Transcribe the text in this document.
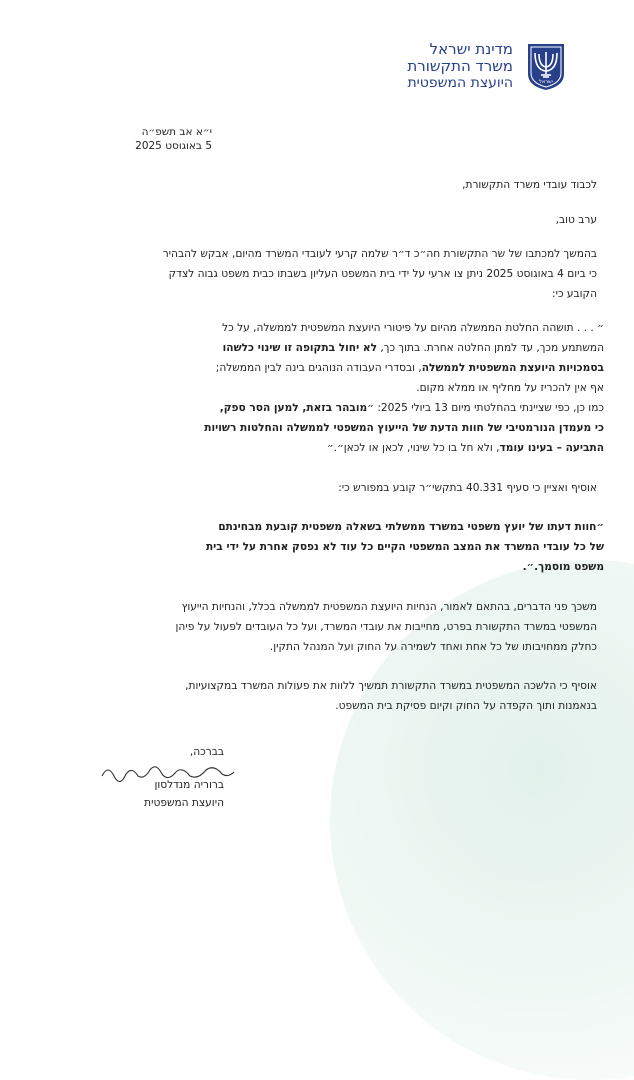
מדינת ישראל
משרד התקשורת
היועצת המשפטית	ישראל
י״א אב תשפ״ה
5 באוגוסט 2025
לכבוד עובדי משרד התקשורת,
ערב טוב,
בהמשך למכתבו של שר התקשורת חה״כ ד״ר שלמה קרעי לעובדי המשרד מהיום, אבקש להבהיר
כי ביום 4 באוגוסט 2025 ניתן צו ארעי על ידי בית המשפט העליון בשבתו כבית משפט גבוה לצדק
הקובע כי:
״ . . . תושהה החלטת הממשלה מהיום על פיטורי היועצת המשפטית לממשלה, על כל
המשתמע מכך, עד למתן החלטה אחרת. בתוך כך, לא יחול בתקופה זו שינוי כלשהו
בסמכויות היועצת המשפטית לממשלה, ובסדרי העבודה הנוהגים בינה לבין הממשלה;
אף אין להכריז על מחליף או ממלא מקום.
כמו כן, כפי שציינתי בהחלטתי מיום 13 ביולי 2025: ״מובהר בזאת, למען הסר ספק,
כי מעמדן הנורמטיבי של חוות הדעת של הייעוץ המשפטי לממשלה והחלטות רשויות
התביעה – בעינו עומד, ולא חל בו כל שינוי, לכאן או לכאן״.״
אוסיף ואציין כי סעיף 40.331 בתקשי״ר קובע במפורש כי:
״חוות דעתו של יועץ משפטי במשרד ממשלתי בשאלה משפטית קובעת מבחינתם
של כל עובדי המשרד את המצב המשפטי הקיים כל עוד לא נפסק אחרת על ידי בית
משפט מוסמך.״.
משכך פני הדברים, בהתאם לאמור, הנחיות היועצת המשפטית לממשלה בכלל, והנחיות הייעוץ
המשפטי במשרד התקשורת בפרט, מחייבות את עובדי המשרד, ועל כל העובדים לפעול על פיהן
כחלק ממחויבותו של כל אחת ואחד לשמירה על החוק ועל המנהל התקין.
אוסיף כי הלשכה המשפטית במשרד התקשורת תמשיך ללוות את פעולות המשרד במקצועיות,
בנאמנות ותוך הקפדה על החוק וקיום פסיקת בית המשפט.
בברכה,
ברוריה מנדלסון
היועצת המשפטית
